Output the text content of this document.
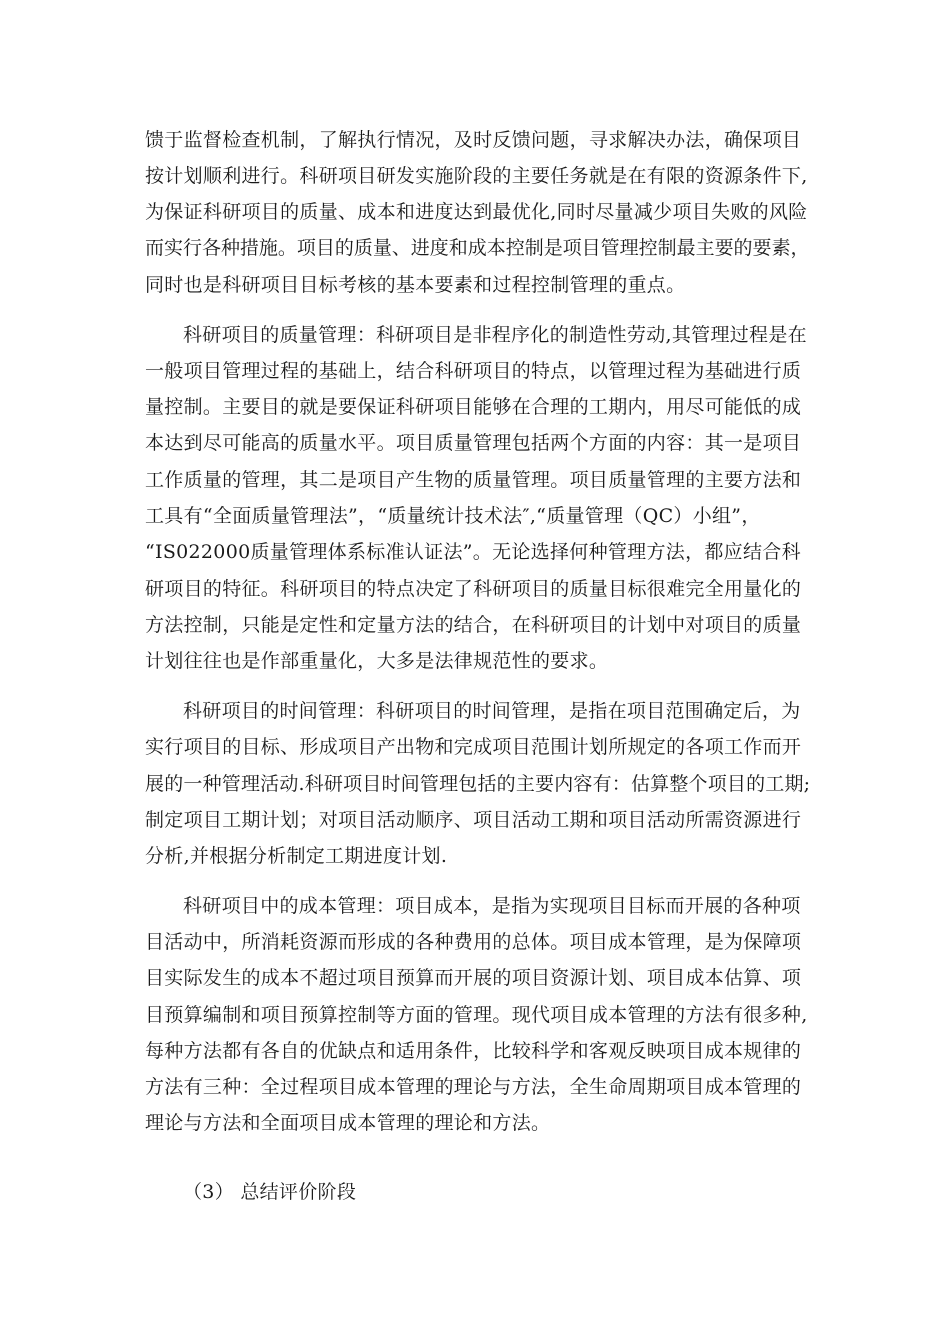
馈于监督检查机制，了解执行情况，及时反馈问题，寻求解决办法，确保项目
按计划顺利进行。科研项目研发实施阶段的主要任务就是在有限的资源条件下,
为保证科研项目的质量、成本和进度达到最优化,同时尽量减少项目失败的风险
而实行各种措施。项目的质量、进度和成本控制是项目管理控制最主要的要素，
同时也是科研项目目标考核的基本要素和过程控制管理的重点。
科研项目的质量管理：科研项目是非程序化的制造性劳动,其管理过程是在
一般项目管理过程的基础上，结合科研项目的特点，以管理过程为基础进行质
量控制。主要目的就是要保证科研项目能够在合理的工期内，用尽可能低的成
本达到尽可能高的质量水平。项目质量管理包括两个方面的内容：其一是项目
工作质量的管理，其二是项目产生物的质量管理。项目质量管理的主要方法和
工具有“全面质量管理法”，“质量统计技术法″,“质量管理（QC）小组”，
“IS022000质量管理体系标准认证法”。无论选择何种管理方法，都应结合科
研项目的特征。科研项目的特点决定了科研项目的质量目标很难完全用量化的
方法控制，只能是定性和定量方法的结合，在科研项目的计划中对项目的质量
计划往往也是作部重量化，大多是法律规范性的要求。
科研项目的时间管理：科研项目的时间管理，是指在项目范围确定后，为
实行项目的目标、形成项目产出物和完成项目范围计划所规定的各项工作而开
展的一种管理活动.科研项目时间管理包括的主要内容有：估算整个项目的工期;
制定项目工期计划；对项目活动顺序、项目活动工期和项目活动所需资源进行
分析,并根据分析制定工期进度计划.
科研项目中的成本管理：项目成本，是指为实现项目目标而开展的各种项
目活动中，所消耗资源而形成的各种费用的总体。项目成本管理，是为保障项
目实际发生的成本不超过项目预算而开展的项目资源计划、项目成本估算、项
目预算编制和项目预算控制等方面的管理。现代项目成本管理的方法有很多种,
每种方法都有各自的优缺点和适用条件，比较科学和客观反映项目成本规律的
方法有三种：全过程项目成本管理的理论与方法，全生命周期项目成本管理的
理论与方法和全面项目成本管理的理论和方法。
（3） 总结评价阶段
